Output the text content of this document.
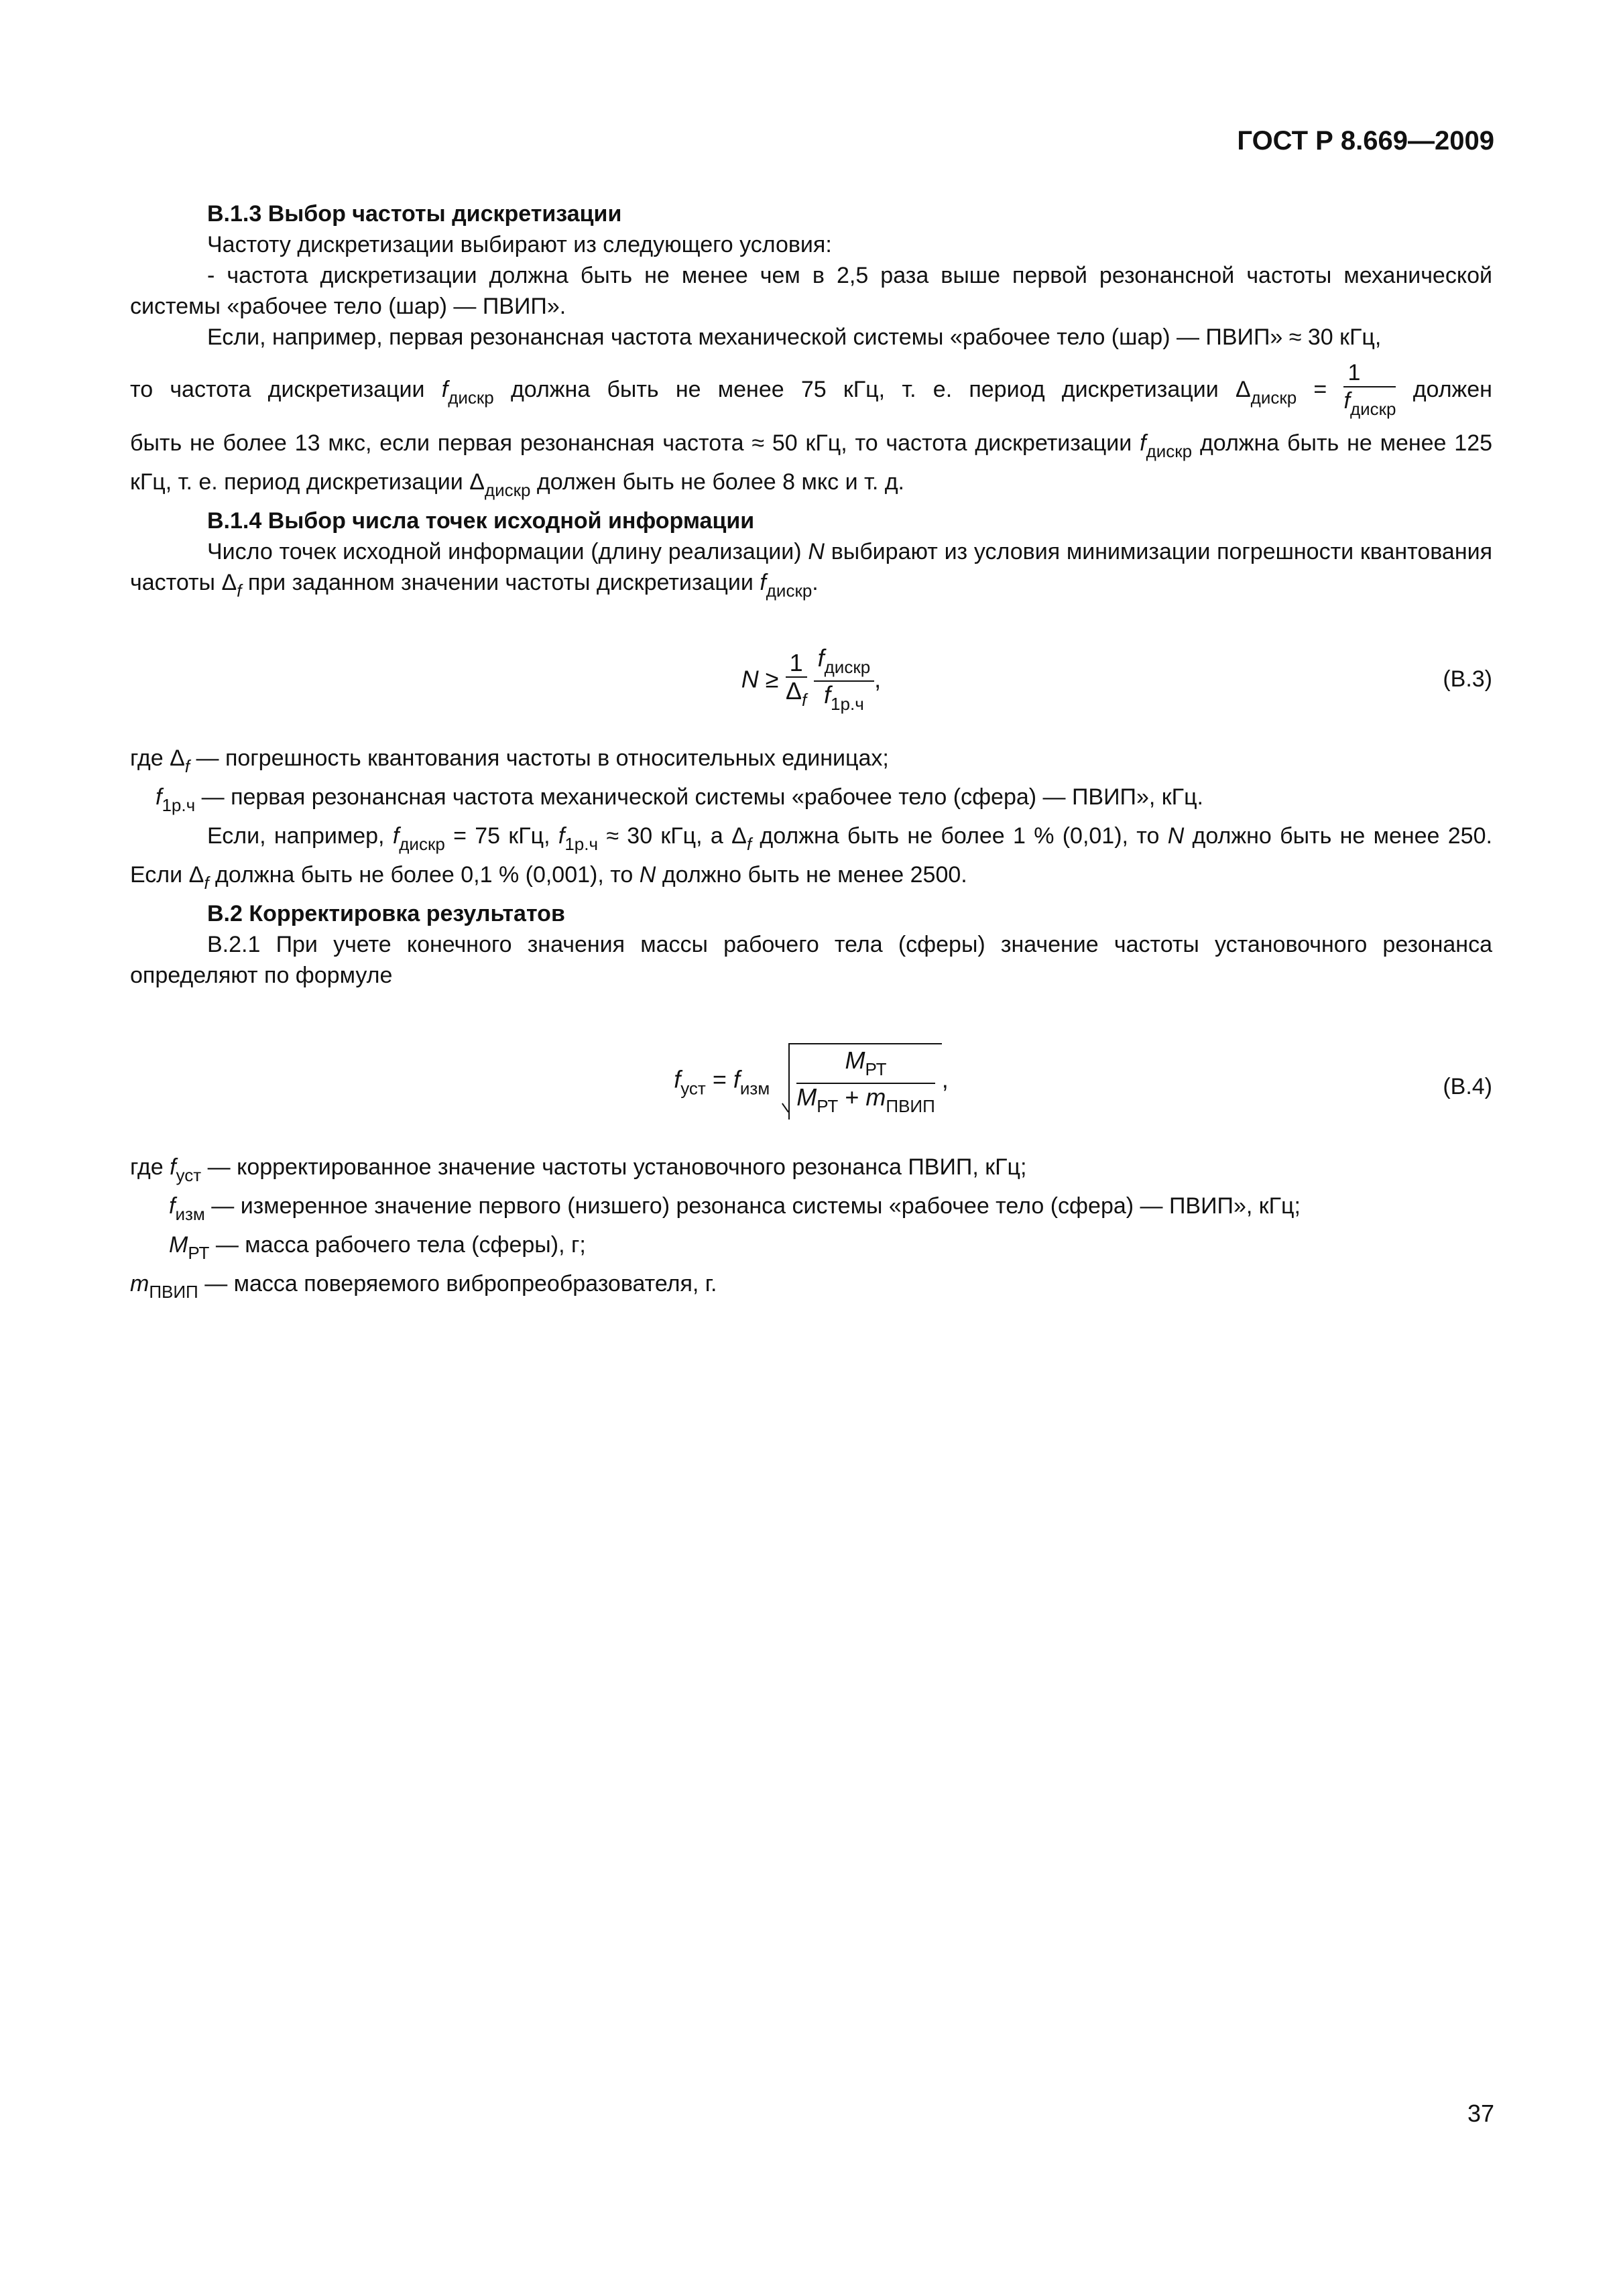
ГОСТ Р 8.669—2009

В.1.3 Выбор частоты дискретизации

Частоту дискретизации выбирают из следующего условия:

- частота дискретизации должна быть не менее чем в 2,5 раза выше первой резонансной частоты механической системы «рабочее тело (шар) — ПВИП».

Если, например, первая резонансная частота механической системы «рабочее тело (шар) — ПВИП» ≈ 30 кГц,

то частота дискретизации $f_{дискр}$ должна быть не менее 75 кГц, т. е. период дискретизации $\Delta_{дискр} = \frac{1}{f_{дискр}}$ должен

быть не более 13 мкс, если первая резонансная частота ≈ 50 кГц, то частота дискретизации $f_{дискр}$ должна быть не менее 125 кГц, т. е. период дискретизации $\Delta_{дискр}$ должен быть не более 8 мкс и т. д.

В.1.4 Выбор числа точек исходной информации

Число точек исходной информации (длину реализации) N выбирают из условия минимизации погрешности квантования частоты $\Delta_f$ при заданном значении частоты дискретизации $f_{дискр}$.

$N \ge \frac{1}{\Delta_f}$
$\frac{f_{дискр}}{f_{1р.ч}}$ ,	(В.3)

где $\Delta_f$ — погрешность квантования частоты в относительных единицах;

$f_{1р.ч}$ — первая резонансная частота механической системы «рабочее тело (сфера) — ПВИП», кГц.

Если, например, $f_{дискр} = 75$ кГц, $f_{1р.ч} \approx 30$ кГц, а $\Delta_f$ должна быть не более 1 % (0,01), то N должно быть не менее 250. Если $\Delta_f$ должна быть не более 0,1 % (0,001), то N должно быть не менее 2500.

В.2 Корректировка результатов

В.2.1 При учете конечного значения массы рабочего тела (сферы) значение частоты установочного резонанса определяют по формуле

$f_{уст} = f_{изм} \frac{M_{РТ}}{M_{РТ} + m_{ПВИП}}$ ,	(В.4)

где $f_{уст}$ — корректированное значение частоты установочного резонанса ПВИП, кГц;

$f_{изм}$ — измеренное значение первого (низшего) резонанса системы «рабочее тело (сфера) — ПВИП», кГц;

$M_{РТ}$ — масса рабочего тела (сферы), г;

$m_{ПВИП}$ — масса поверяемого вибропреобразователя, г.

37
